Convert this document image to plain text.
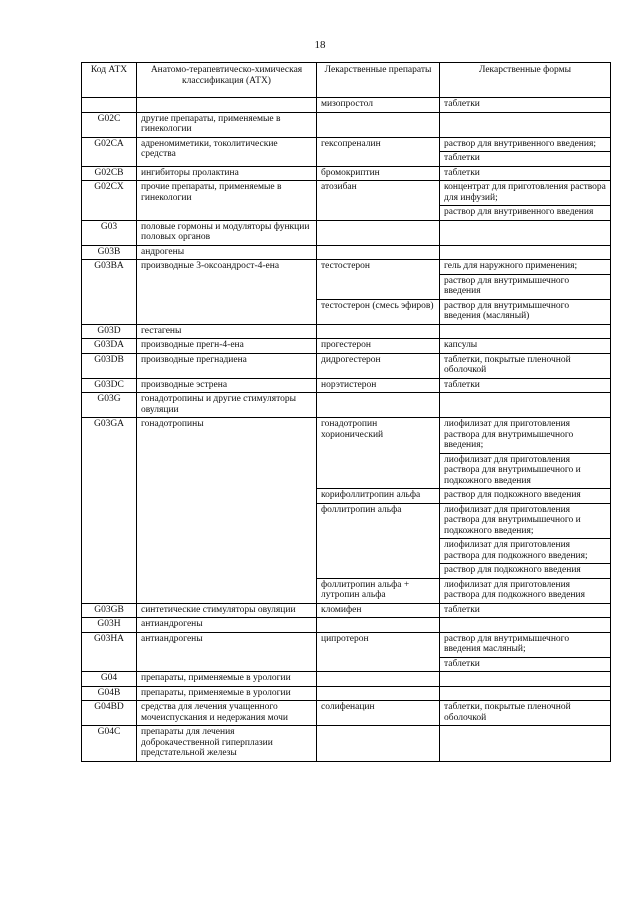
18
Код АТХ	Анатомо-терапевтическо-химическая классификация (АТХ)	Лекарственные препараты	Лекарственные формы
		мизопростол	таблетки
G02C	другие препараты, применяемые в гинекологии		
G02CA	адреномиметики, токолитические средства	гексопреналин	раствор для внутривенного введения;
			таблетки
G02CB	ингибиторы пролактина	бромокриптин	таблетки
G02CX	прочие препараты, применяемые в гинекологии	атозибан	концентрат для приготовления раствора для инфузий;
			раствор для внутривенного введения
G03	половые гормоны и модуляторы функции половых органов		
G03B	андрогены		
G03BA	производные 3-оксоандрост-4-ена	тестостерон	гель для наружного применения;
			раствор для внутримышечного введения
		тестостерон (смесь эфиров)	раствор для внутримышечного введения (масляный)
G03D	гестагены		
G03DA	производные прегн-4-ена	прогестерон	капсулы
G03DB	производные прегнадиена	дидрогестерон	таблетки, покрытые пленочной оболочкой
G03DC	производные эстрена	норэтистерон	таблетки
G03G	гонадотропины и другие стимуляторы овуляции		
G03GA	гонадотропины	гонадотропин хорионический	лиофилизат для приготовления раствора для внутримышечного введения;
			лиофилизат для приготовления раствора для внутримышечного и подкожного введения
		корифоллитропин альфа	раствор для подкожного введения
		фоллитропин альфа	лиофилизат для приготовления раствора для внутримышечного и подкожного введения;
			лиофилизат для приготовления раствора для подкожного введения;
			раствор для подкожного введения
		фоллитропин альфа + лутропин альфа	лиофилизат для приготовления раствора для подкожного введения
G03GB	синтетические стимуляторы овуляции	кломифен	таблетки
G03H	антиандрогены		
G03HA	антиандрогены	ципротерон	раствор для внутримышечного введения масляный;
			таблетки
G04	препараты, применяемые в урологии		
G04B	препараты, применяемые в урологии		
G04BD	средства для лечения учащенного мочеиспускания и недержания мочи	солифенацин	таблетки, покрытые пленочной оболочкой
G04C	препараты для лечения доброкачественной гиперплазии предстательной железы		
